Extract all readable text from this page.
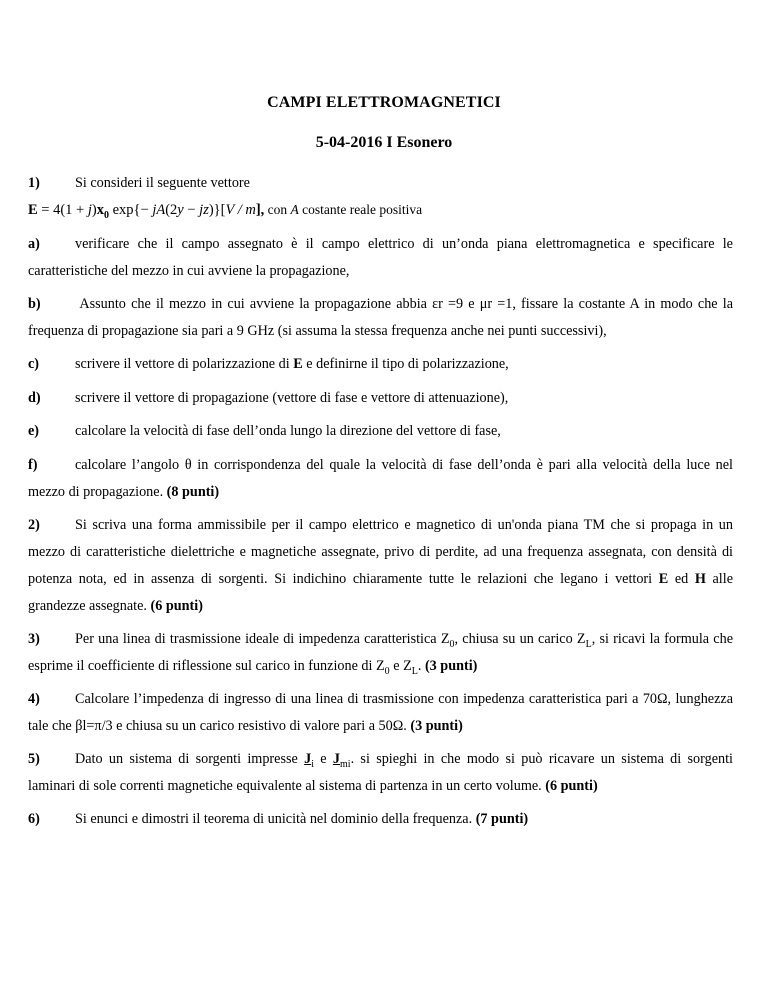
CAMPI ELETTROMAGNETICI
5-04-2016 I Esonero
1) Si consideri il seguente vettore
$E = 4(1 + j)x_0$ exp{− jA(2y − jz)}[V / m], con A costante reale positiva
a) verificare che il campo assegnato è il campo elettrico di un’onda piana elettromagnetica e specificare le
caratteristiche del mezzo in cui avviene la propagazione,
b) Assunto che il mezzo in cui avviene la propagazione abbia εr =9 e μr =1, fissare la costante A in modo che la
frequenza di propagazione sia pari a 9 GHz (si assuma la stessa frequenza anche nei punti successivi),
c)	scrivere il vettore di polarizzazione di E e definirne il tipo di polarizzazione,
d) scrivere il vettore di propagazione (vettore di fase e vettore di attenuazione),
e)	calcolare la velocità di fase dell’onda lungo la direzione del vettore di fase,
f)	calcolare l’angolo θ in corrispondenza del quale la velocità di fase dell’onda è pari alla velocità della luce nel
mezzo di propagazione. (8 punti)
2) Si scriva una forma ammissibile per il campo elettrico e magnetico di un'onda piana TM che si propaga in un
mezzo di caratteristiche dielettriche e magnetiche assegnate, privo di perdite, ad una frequenza assegnata, con densità di
potenza nota, ed in assenza di sorgenti. Si indichino chiaramente tutte le relazioni che legano i vettori E ed H alle
grandezze assegnate. (6 punti)
3) Per una linea di trasmissione ideale di impedenza caratteristica $Z_0$, chiusa su un carico $Z_L$, si ricavi la formula che
esprime il coefficiente di riflessione sul carico in funzione di $Z_0$ e $Z_L$. (3 punti)
4) Calcolare l’impedenza di ingresso di una linea di trasmissione con impedenza caratteristica pari a 70Ω, lunghezza
tale che βl=π/3 e chiusa su un carico resistivo di valore pari a 50Ω. (3 punti)
5) Dato un sistema di sorgenti impresse $J_i$ e $J_{mi}$. si spieghi in che modo si può ricavare un sistema di sorgenti
laminari di sole correnti magnetiche equivalente al sistema di partenza in un certo volume. (6 punti)
6) Si enunci e dimostri il teorema di unicità nel dominio della frequenza. (7 punti)
